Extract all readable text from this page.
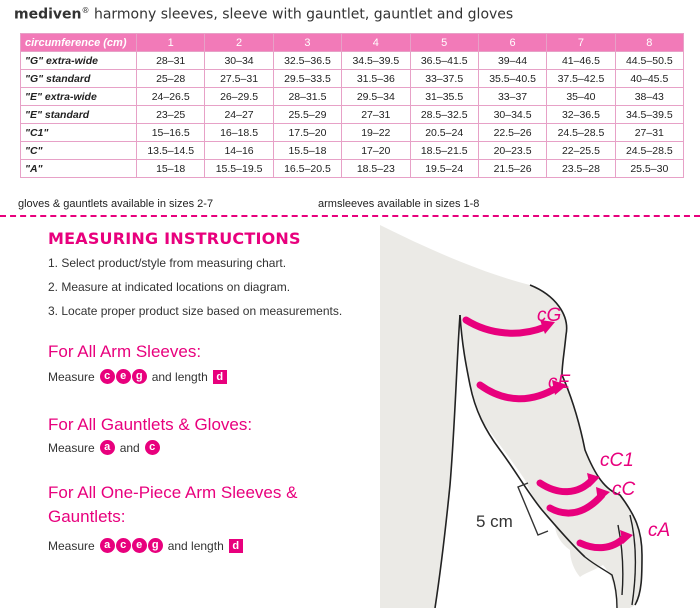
mediven® harmony sleeves, sleeve with gauntlet, gauntlet and gloves
circumference (cm)	1	2	3	4	5	6	7	8
"G" extra-wide	28–31	30–34	32.5–36.5	34.5–39.5	36.5–41.5	39–44	41–46.5	44.5–50.5
"G" standard	25–28	27.5–31	29.5–33.5	31.5–36	33–37.5	35.5–40.5	37.5–42.5	40–45.5
"E" extra-wide	24–26.5	26–29.5	28–31.5	29.5–34	31–35.5	33–37	35–40	38–43
"E" standard	23–25	24–27	25.5–29	27–31	28.5–32.5	30–34.5	32–36.5	34.5–39.5
"C1"	15–16.5	16–18.5	17.5–20	19–22	20.5–24	22.5–26	24.5–28.5	27–31
"C"	13.5–14.5	14–16	15.5–18	17–20	18.5–21.5	20–23.5	22–25.5	24.5–28.5
"A"	15–18	15.5–19.5	16.5–20.5	18.5–23	19.5–24	21.5–26	23.5–28	25.5–30
gloves & gauntlets available in sizes 2-7	armsleeves available in sizes 1-8
MEASURING INSTRUCTIONS
1. Select product/style from measuring chart.
2. Measure at indicated locations on diagram.
3. Locate proper product size based on measurements.
For All Arm Sleeves:
Measure c e g and length d
For All Gauntlets & Gloves:
Measure a and c
For All One-Piece Arm Sleeves & Gauntlets:
Measure a c e g and length d
cG
cE
cC1
cC
cA
5 cm
